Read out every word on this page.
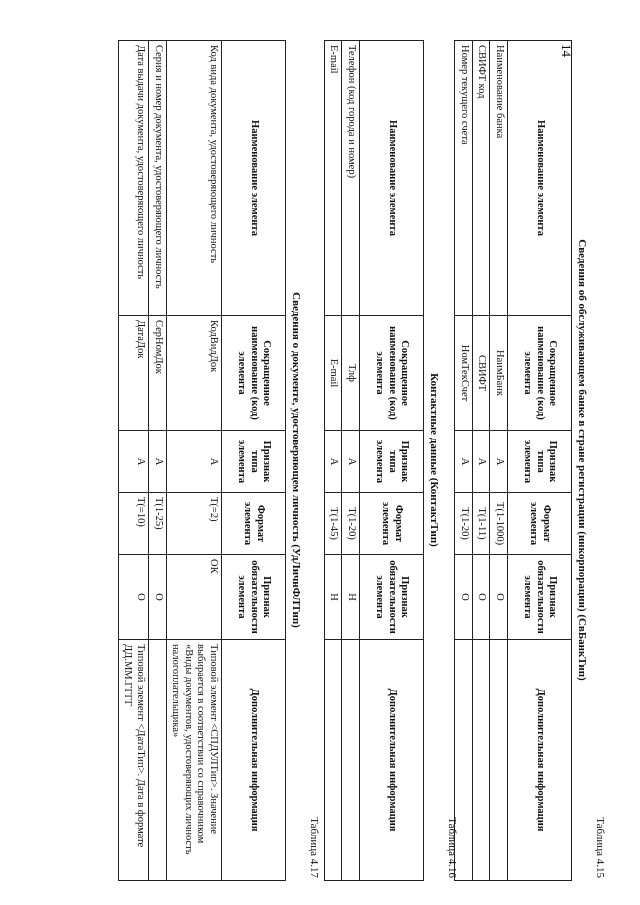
14
Таблица 4.15
Сведения об обслуживающем банке в стране регистрации (инкорпорации) (СвБанкТип)
Наименование элемента	Сокращенное наименование (код) элемента	Признак типа элемента	Формат элемента	Признак обязательности элемента	Дополнительная информация
Наименование банка	НаимБанк	А	T(1-1000)	О	
СВИФТ код	СВИФТ	А	T(1-11)	О	
Номер текущего счета	НомТекСчет	А	T(1-20)	О	
Таблица 4.16
Контактные данные (КонтактТип)
Наименование элемента	Сокращенное наименование (код) элемента	Признак типа элемента	Формат элемента	Признак обязательности элемента	Дополнительная информация
Телефон (код города и номер)	Тлф	А	T(1-20)	Н	
E-mail	E-mail	А	T(1-45)	Н	
Таблица 4.17
Сведения о документе, удостоверяющем личность (УдЛичнФЛТип)
Наименование элемента	Сокращенное наименование (код) элемента	Признак типа элемента	Формат элемента	Признак обязательности элемента	Дополнительная информация
Код вида документа, удостоверяющего личность	КодВидДок	А	T(=2)	ОК	Типовой элемент <СПДУЛТип>. Значение выбирается в соответствии со справочником «Виды документов, удостоверяющих личность налогоплательщика»
Серия и номер документа, удостоверяющего личность	СерНомДок	А	T(1-25)	О	
Дата выдачи документа, удостоверяющего личность	ДатаДок	А	T(=10)	О	Типовой элемент <ДатаТип>. Дата в формате ДД.ММ.ГГГГ
